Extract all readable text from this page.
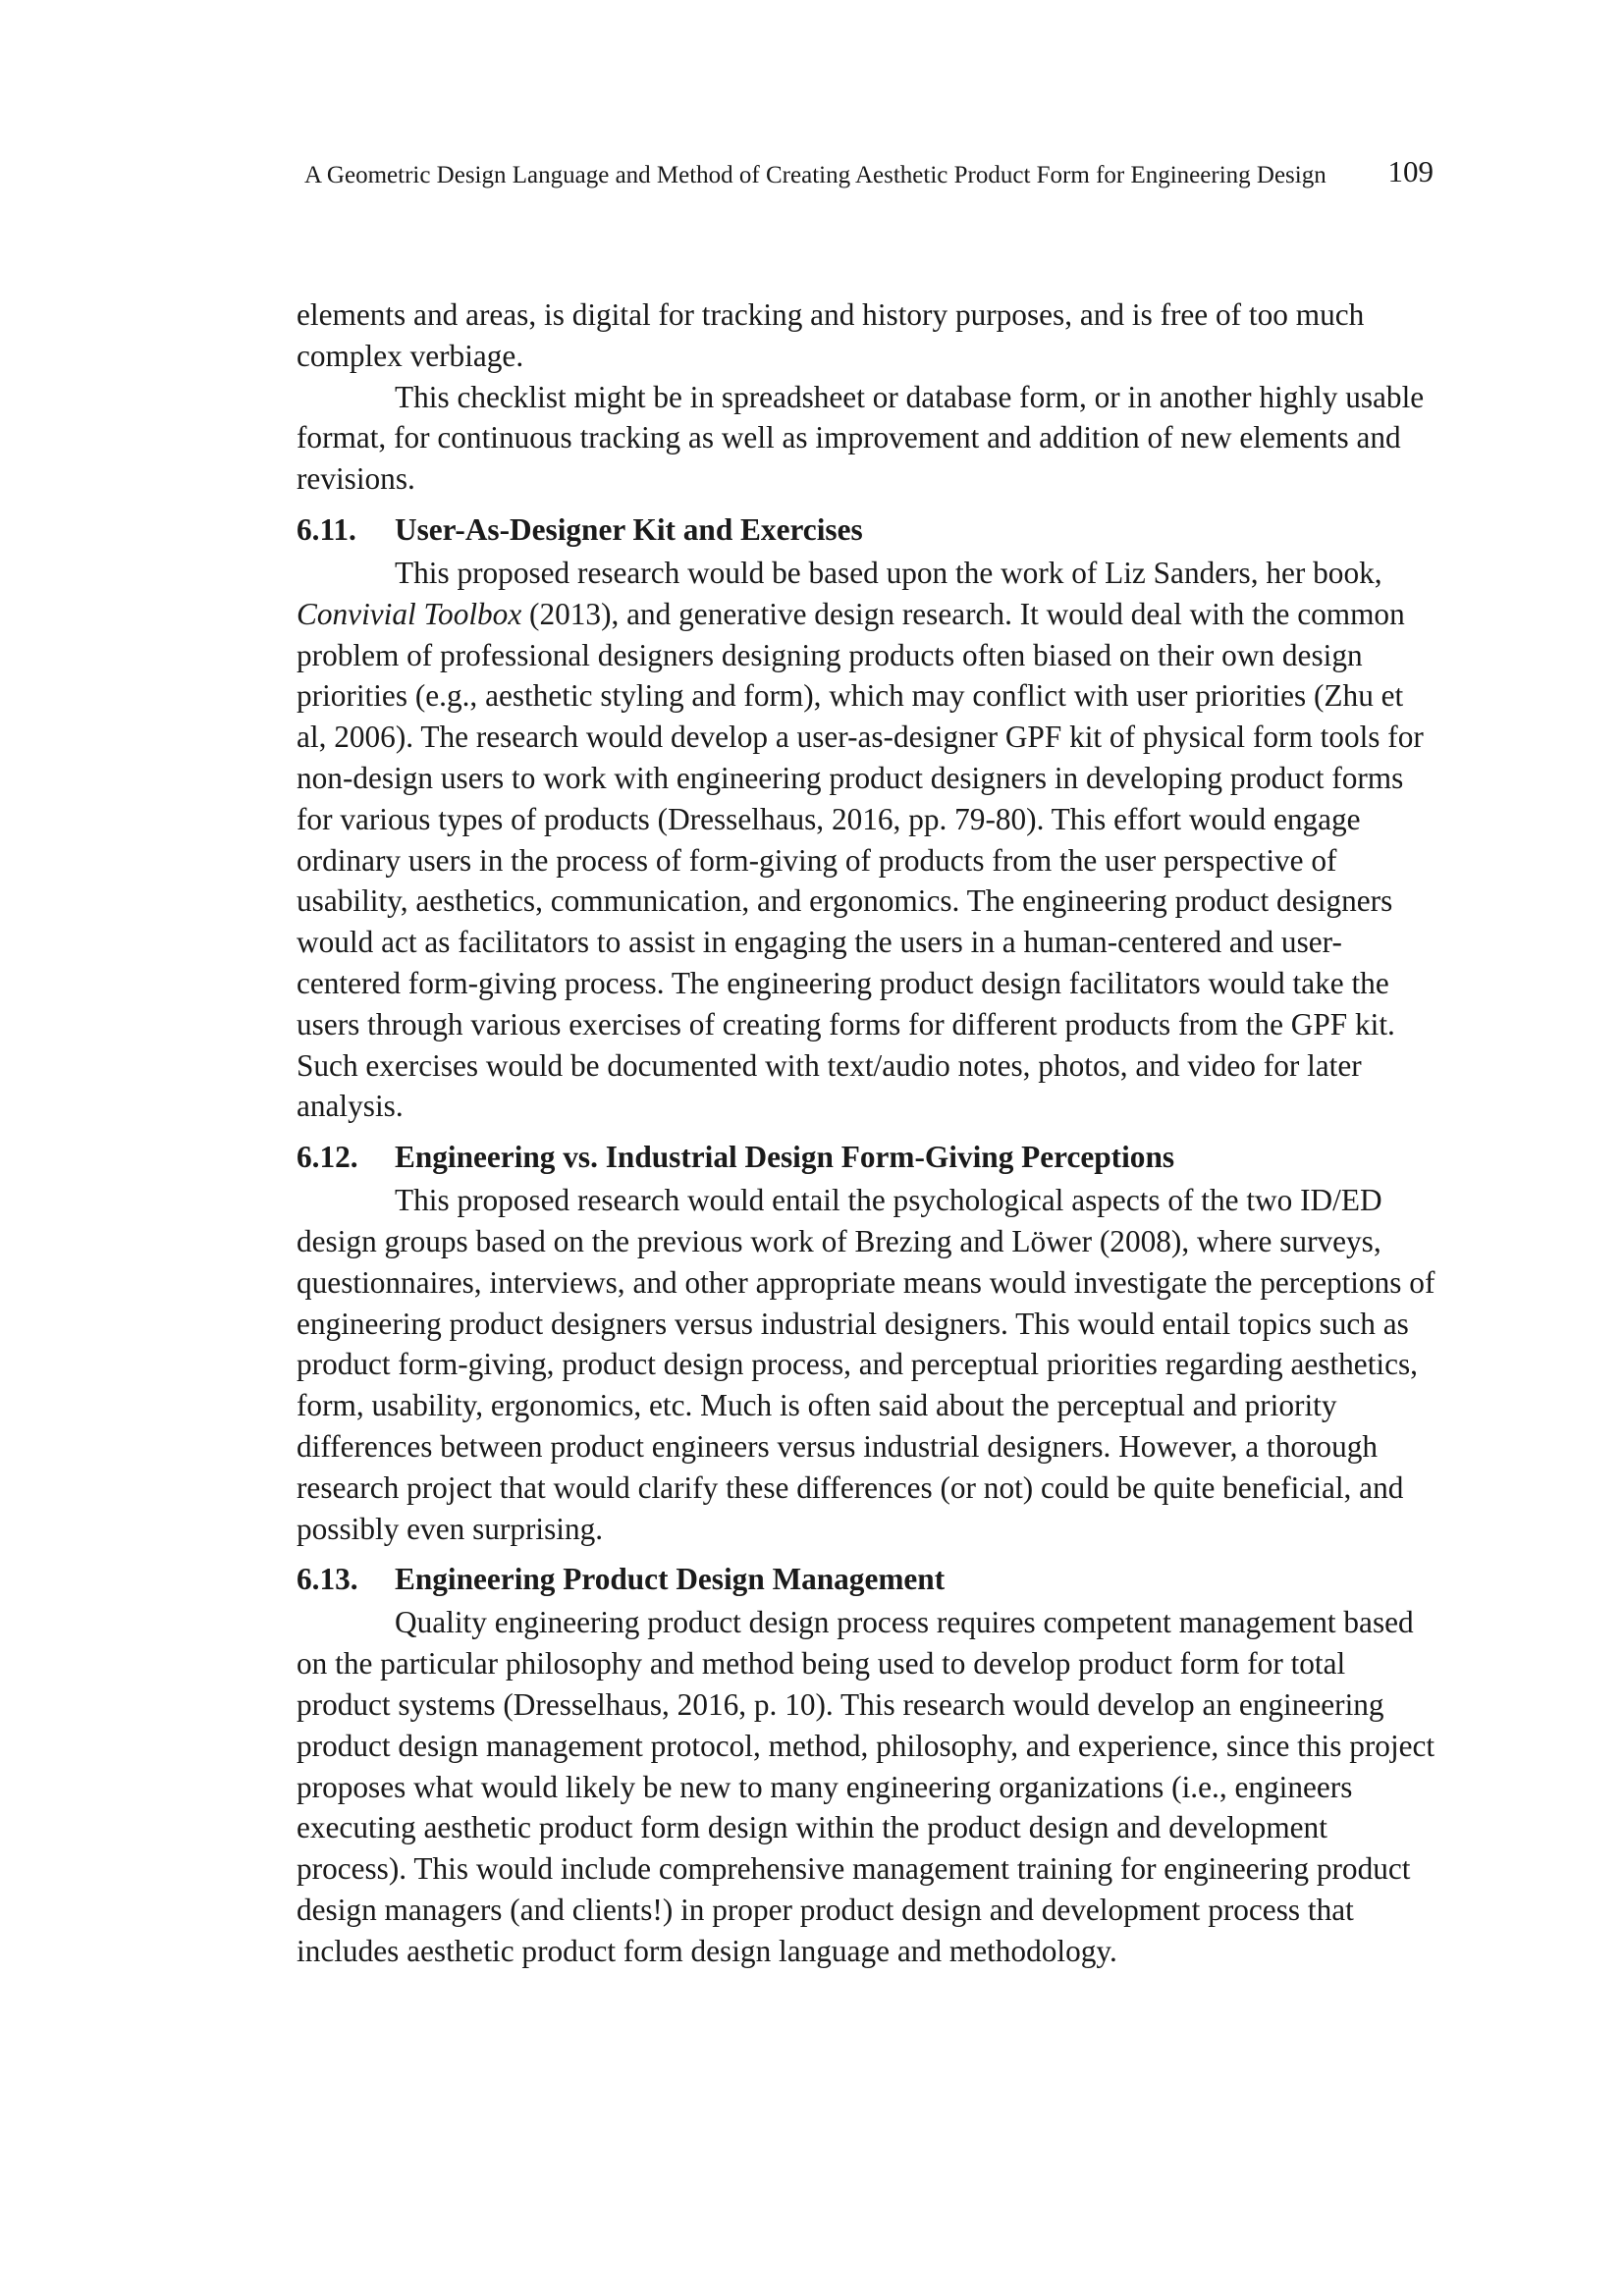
A Geometric Design Language and Method of Creating Aesthetic Product Form for Engineering Design 109

elements and areas, is digital for tracking and history purposes, and is free of too much complex verbiage.

This checklist might be in spreadsheet or database form, or in another highly usable format, for continuous tracking as well as improvement and addition of new elements and revisions.

6.11.	User-As-Designer Kit and Exercises

This proposed research would be based upon the work of Liz Sanders, her book, Convivial Toolbox (2013), and generative design research. It would deal with the common problem of professional designers designing products often biased on their own design priorities (e.g., aesthetic styling and form), which may conflict with user priorities (Zhu et al, 2006). The research would develop a user-as-designer GPF kit of physical form tools for non-design users to work with engineering product designers in developing product forms for various types of products (Dresselhaus, 2016, pp. 79-80). This effort would engage ordinary users in the process of form-giving of products from the user perspective of usability, aesthetics, communication, and ergonomics. The engineering product designers would act as facilitators to assist in engaging the users in a human-centered and user-centered form-giving process. The engineering product design facilitators would take the users through various exercises of creating forms for different products from the GPF kit. Such exercises would be documented with text/audio notes, photos, and video for later analysis.

6.12.	Engineering vs. Industrial Design Form-Giving Perceptions

This proposed research would entail the psychological aspects of the two ID/ED design groups based on the previous work of Brezing and Löwer (2008), where surveys, questionnaires, interviews, and other appropriate means would investigate the perceptions of engineering product designers versus industrial designers. This would entail topics such as product form-giving, product design process, and perceptual priorities regarding aesthetics, form, usability, ergonomics, etc. Much is often said about the perceptual and priority differences between product engineers versus industrial designers. However, a thorough research project that would clarify these differences (or not) could be quite beneficial, and possibly even surprising.

6.13.	Engineering Product Design Management

Quality engineering product design process requires competent management based on the particular philosophy and method being used to develop product form for total product systems (Dresselhaus, 2016, p. 10). This research would develop an engineering product design management protocol, method, philosophy, and experience, since this project proposes what would likely be new to many engineering organizations (i.e., engineers executing aesthetic product form design within the product design and development process). This would include comprehensive management training for engineering product design managers (and clients!) in proper product design and development process that includes aesthetic product form design language and methodology.
